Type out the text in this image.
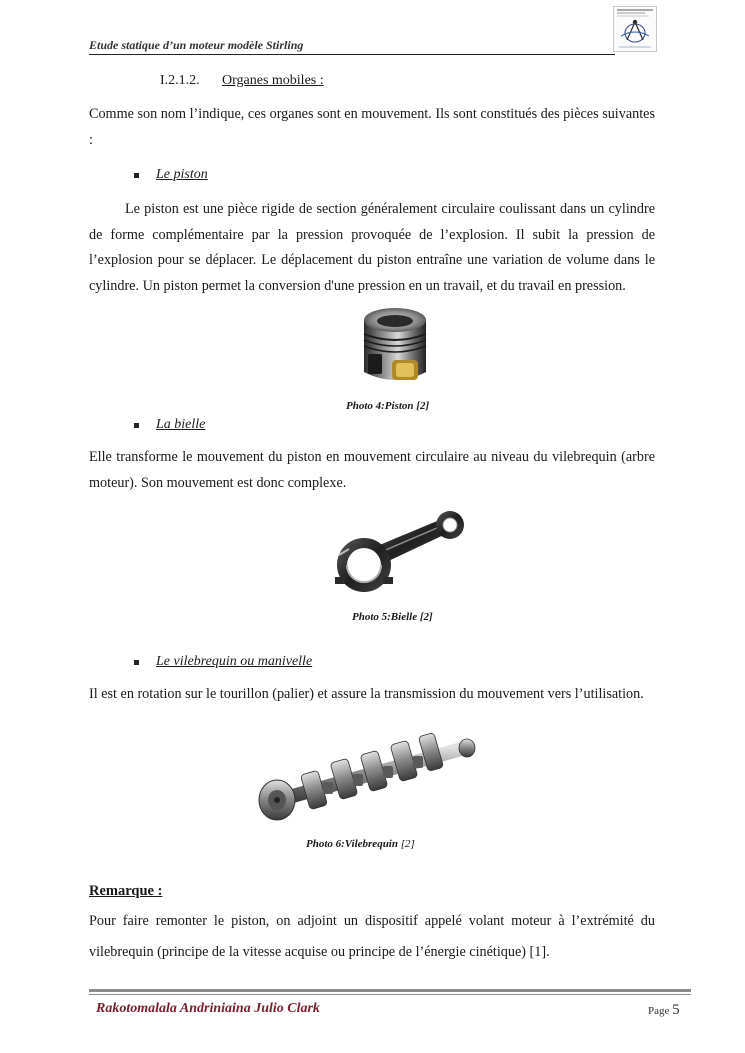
Etude statique d’un moteur modèle Stirling
I.2.1.2. Organes mobiles :

Comme son nom l’indique, ces organes sont en mouvement. Ils sont constitués des pièces suivantes :

Le piston

Le piston est une pièce rigide de section généralement circulaire coulissant dans un cylindre de forme complémentaire par la pression provoquée de l’explosion. Il subit la pression de l’explosion pour se déplacer. Le déplacement du piston entraîne une variation de volume dans le cylindre. Un piston permet la conversion d'une pression en un travail, et du travail en pression.

Photo 4:Piston [2]
La bielle

Elle transforme le mouvement du piston en mouvement circulaire au niveau du vilebrequin (arbre moteur). Son mouvement est donc complexe.

Photo 5:Bielle [2]
Le vilebrequin ou manivelle

Il est en rotation sur le tourillon (palier) et assure la transmission du mouvement vers l’utilisation.

Photo 6:Vilebrequin [2]
Remarque :

Pour faire remonter le piston, on adjoint un dispositif appelé volant moteur à l’extrémité du vilebrequin (principe de la vitesse acquise ou principe de l’énergie cinétique) [1].

Rakotomalala Andriniaina Julio Clark	Page 5
